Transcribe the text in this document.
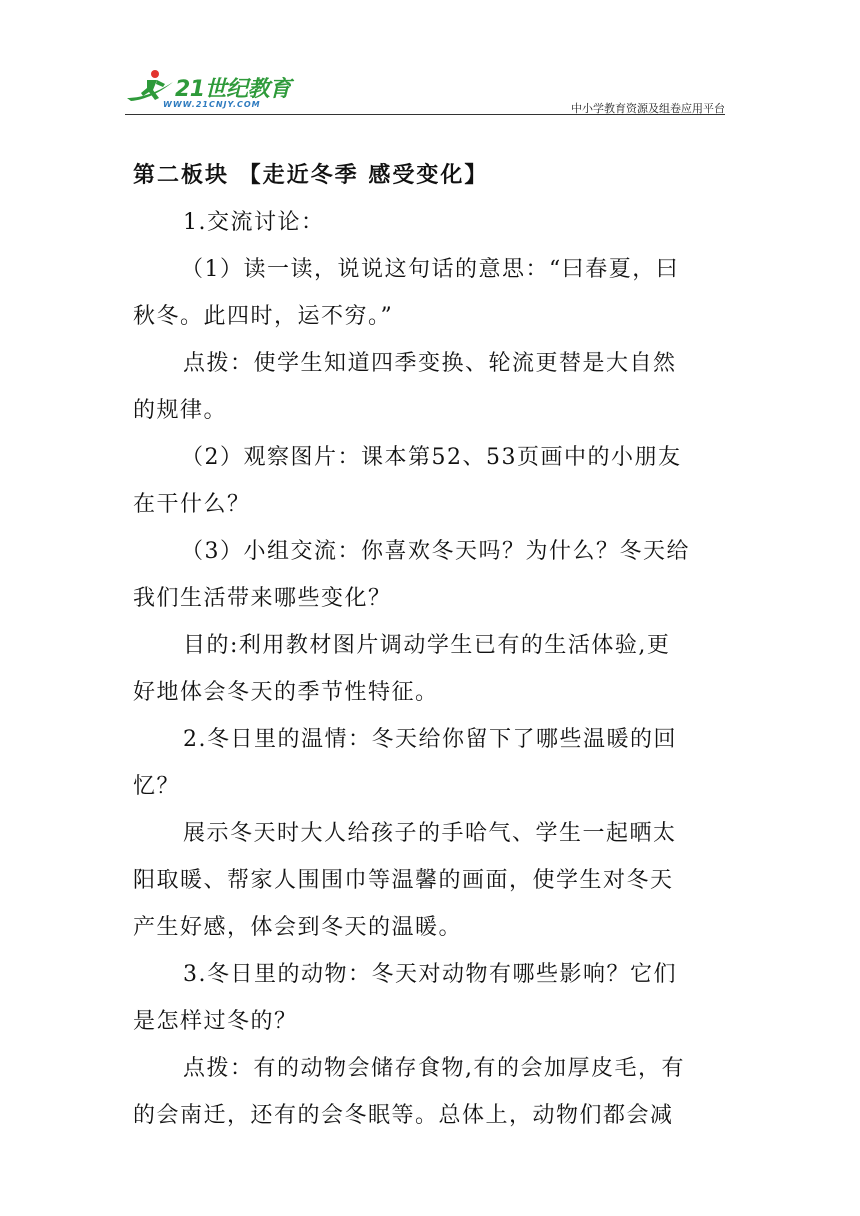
21世纪教育
WWW.21CNJY.COM	中小学教育资源及组卷应用平台
第二板块 【走近冬季 感受变化】
1.交流讨论：
（1）读一读，说说这句话的意思：“曰春夏，曰
秋冬。此四时，运不穷。”
点拨：使学生知道四季变换、轮流更替是大自然
的规律。
（2）观察图片：课本第52、53页画中的小朋友
在干什么？
（3）小组交流：你喜欢冬天吗？为什么？冬天给
我们生活带来哪些变化？
目的:利用教材图片调动学生已有的生活体验,更
好地体会冬天的季节性特征。
2.冬日里的温情：冬天给你留下了哪些温暖的回
忆？
展示冬天时大人给孩子的手哈气、学生一起晒太
阳取暖、帮家人围围巾等温馨的画面，使学生对冬天
产生好感，体会到冬天的温暖。
3.冬日里的动物：冬天对动物有哪些影响？它们
是怎样过冬的？
点拨：有的动物会储存食物,有的会加厚皮毛，有
的会南迁，还有的会冬眠等。总体上，动物们都会减
